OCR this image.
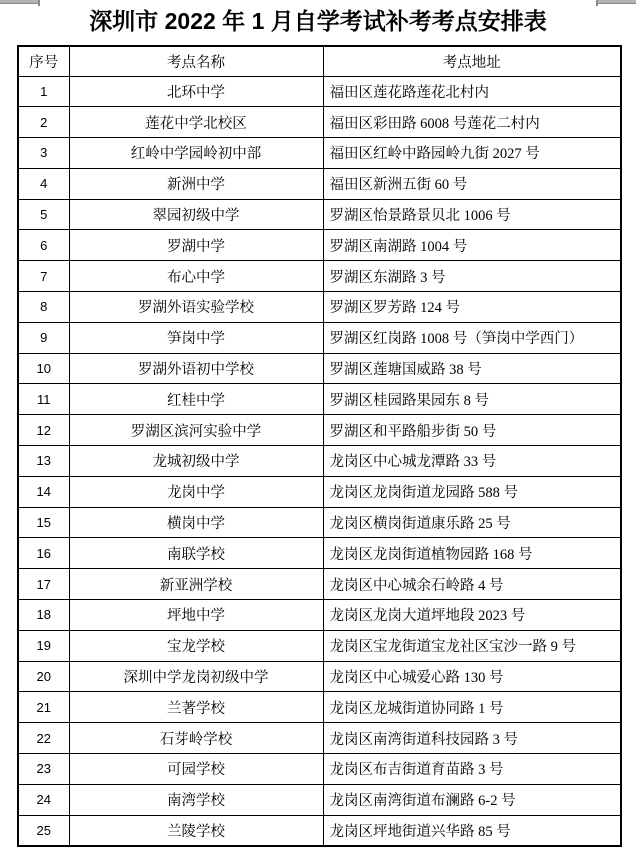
深圳市 2022 年 1 月自学考试补考考点安排表
序号	考点名称	考点地址
1	北环中学	福田区莲花路莲花北村内
2	莲花中学北校区	福田区彩田路 6008 号莲花二村内
3	红岭中学园岭初中部	福田区红岭中路园岭九街 2027 号
4	新洲中学	福田区新洲五街 60 号
5	翠园初级中学	罗湖区怡景路景贝北 1006 号
6	罗湖中学	罗湖区南湖路 1004 号
7	布心中学	罗湖区东湖路 3 号
8	罗湖外语实验学校	罗湖区罗芳路 124 号
9	笋岗中学	罗湖区红岗路 1008 号（笋岗中学西门）
10	罗湖外语初中学校	罗湖区莲塘国威路 38 号
11	红桂中学	罗湖区桂园路果园东 8 号
12	罗湖区滨河实验中学	罗湖区和平路船步街 50 号
13	龙城初级中学	龙岗区中心城龙潭路 33 号
14	龙岗中学	龙岗区龙岗街道龙园路 588 号
15	横岗中学	龙岗区横岗街道康乐路 25 号
16	南联学校	龙岗区龙岗街道植物园路 168 号
17	新亚洲学校	龙岗区中心城余石岭路 4 号
18	坪地中学	龙岗区龙岗大道坪地段 2023 号
19	宝龙学校	龙岗区宝龙街道宝龙社区宝沙一路 9 号
20	深圳中学龙岗初级中学	龙岗区中心城爱心路 130 号
21	兰著学校	龙岗区龙城街道协同路 1 号
22	石芽岭学校	龙岗区南湾街道科技园路 3 号
23	可园学校	龙岗区布吉街道育苗路 3 号
24	南湾学校	龙岗区南湾街道布澜路 6-2 号
25	兰陵学校	龙岗区坪地街道兴华路 85 号
